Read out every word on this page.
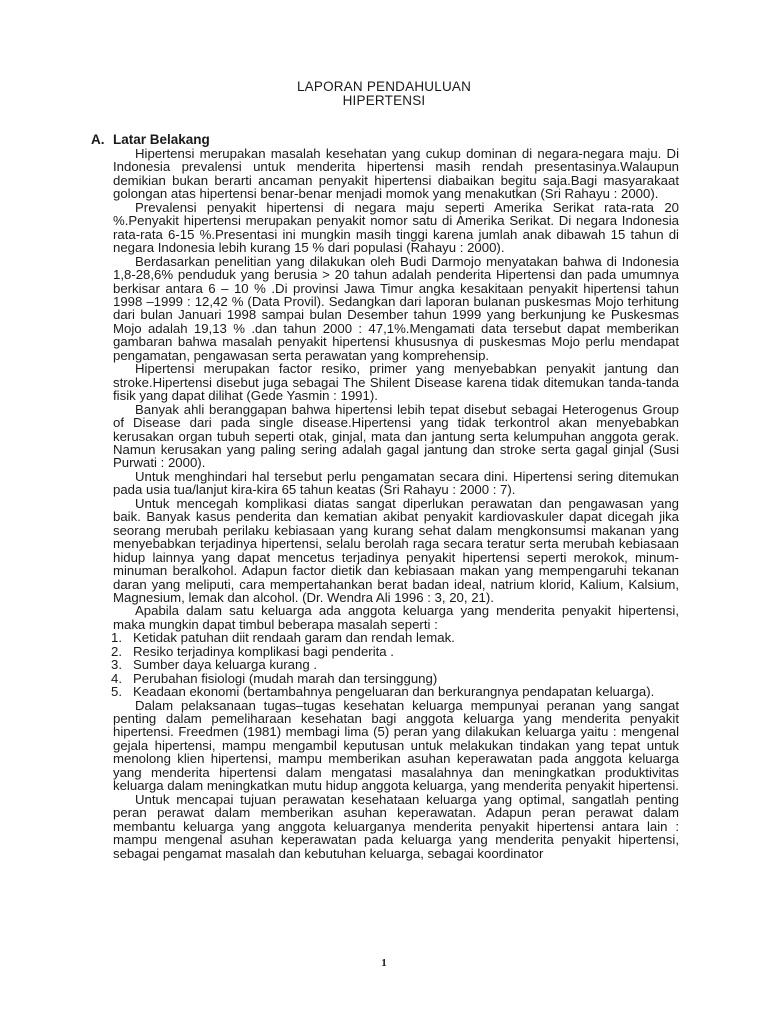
LAPORAN PENDAHULUAN
HIPERTENSI
A. Latar Belakang

Hipertensi merupakan masalah kesehatan yang cukup dominan di negara-negara maju. Di Indonesia prevalensi untuk menderita hipertensi masih rendah presentasinya.Walaupun demikian bukan berarti ancaman penyakit hipertensi diabaikan begitu saja.Bagi masyarakaat golongan atas hipertensi benar-benar menjadi momok yang menakutkan (Sri Rahayu : 2000).

Prevalensi penyakit hipertensi di negara maju seperti Amerika Serikat rata-rata 20 %.Penyakit hipertensi merupakan penyakit nomor satu di Amerika Serikat. Di negara Indonesia rata-rata 6-15 %.Presentasi ini mungkin masih tinggi karena jumlah anak dibawah 15 tahun di negara Indonesia lebih kurang 15 % dari populasi (Rahayu : 2000).

Berdasarkan penelitian yang dilakukan oleh Budi Darmojo menyatakan bahwa di Indonesia 1,8-28,6% penduduk yang berusia > 20 tahun adalah penderita Hipertensi dan pada umumnya berkisar antara 6 – 10 % .Di provinsi Jawa Timur angka kesakitaan penyakit hipertensi tahun 1998 –1999 : 12,42 % (Data Provil). Sedangkan dari laporan bulanan puskesmas Mojo terhitung dari bulan Januari 1998 sampai bulan Desember tahun 1999 yang berkunjung ke Puskesmas Mojo adalah 19,13 % .dan tahun 2000 : 47,1%.Mengamati data tersebut dapat memberikan gambaran bahwa masalah penyakit hipertensi khususnya di puskesmas Mojo perlu mendapat pengamatan, pengawasan serta perawatan yang komprehensip.

Hipertensi merupakan factor resiko, primer yang menyebabkan penyakit jantung dan stroke.Hipertensi disebut juga sebagai The Shilent Disease karena tidak ditemukan tanda-tanda fisik yang dapat dilihat (Gede Yasmin : 1991).

Banyak ahli beranggapan bahwa hipertensi lebih tepat disebut sebagai Heterogenus Group of Disease dari pada single disease.Hipertensi yang tidak terkontrol akan menyebabkan kerusakan organ tubuh seperti otak, ginjal, mata dan jantung serta kelumpuhan anggota gerak. Namun kerusakan yang paling sering adalah gagal jantung dan stroke serta gagal ginjal (Susi Purwati : 2000).

Untuk menghindari hal tersebut perlu pengamatan secara dini. Hipertensi sering ditemukan pada usia tua/lanjut kira-kira 65 tahun keatas (Sri Rahayu : 2000 : 7).

Untuk mencegah komplikasi diatas sangat diperlukan perawatan dan pengawasan yang baik. Banyak kasus penderita dan kematian akibat penyakit kardiovaskuler dapat dicegah jika seorang merubah perilaku kebiasaan yang kurang sehat dalam mengkonsumsi makanan yang menyebabkan terjadinya hipertensi, selalu berolah raga secara teratur serta merubah kebiasaan hidup lainnya yang dapat mencetus terjadinya penyakit hipertensi seperti merokok, minum-minuman beralkohol. Adapun factor dietik dan kebiasaan makan yang mempengaruhi tekanan daran yang meliputi, cara mempertahankan berat badan ideal, natrium klorid, Kalium, Kalsium, Magnesium, lemak dan alcohol. (Dr. Wendra Ali 1996 : 3, 20, 21).

Apabila dalam satu keluarga ada anggota keluarga yang menderita penyakit hipertensi, maka mungkin dapat timbul beberapa masalah seperti :

1. Ketidak patuhan diit rendaah garam dan rendah lemak.
2. Resiko terjadinya komplikasi bagi penderita .
3. Sumber daya keluarga kurang .
4. Perubahan fisiologi (mudah marah dan tersinggung)
5. Keadaan ekonomi (bertambahnya pengeluaran dan berkurangnya pendapatan keluarga).

Dalam pelaksanaan tugas–tugas kesehatan keluarga mempunyai peranan yang sangat penting dalam pemeliharaan kesehatan bagi anggota keluarga yang menderita penyakit hipertensi. Freedmen (1981) membagi lima (5) peran yang dilakukan keluarga yaitu : mengenal gejala hipertensi, mampu mengambil keputusan untuk melakukan tindakan yang tepat untuk menolong klien hipertensi, mampu memberikan asuhan keperawatan pada anggota keluarga yang menderita hipertensi dalam mengatasi masalahnya dan meningkatkan produktivitas keluarga dalam meningkatkan mutu hidup anggota keluarga, yang menderita penyakit hipertensi.

Untuk mencapai tujuan perawatan kesehataan keluarga yang optimal, sangatlah penting peran perawat dalam memberikan asuhan keperawatan. Adapun peran perawat dalam membantu keluarga yang anggota keluarganya menderita penyakit hipertensi antara lain : mampu mengenal asuhan keperawatan pada keluarga yang menderita penyakit hipertensi, sebagai pengamat masalah dan kebutuhan keluarga, sebagai koordinator

1
